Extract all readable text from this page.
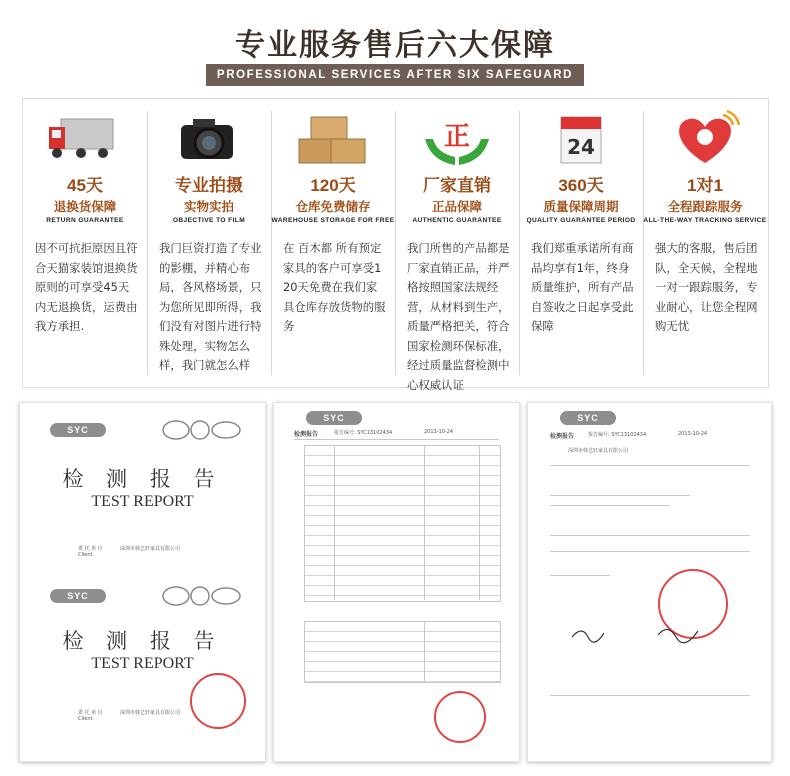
专业服务售后六大保障
PROFESSIONAL SERVICES AFTER SIX SAFEGUARD
45天
退换货保障
RETURN GUARANTEE
因不可抗拒原因且符合天猫家装馆退换货原则的可享受45天内无退换货，运费由我方承担.
专业拍摄
实物实拍
OBJECTIVE TO FILM
我门巨资打造了专业的影棚，并精心布局，各风格场景，只为您所见即所得，我们没有对图片进行特殊处理，实物怎么样，我门就怎么样
120天
仓库免费储存
WAREHOUSE STORAGE FOR FREE
在 百木都 所有预定家具的客户可享受120天免费在我们家具仓库存放货物的服务
正
厂家直销
正品保障
AUTHENTIC GUARANTEE
我门所售的产品都是厂家直销正品，并严格按照国家法规经营，从材料到生产，质量严格把关，符合国家检测环保标准，经过质量监督检测中心权威认证
24
360天
质量保障周期
QUALITY GUARANTEE PERIOD
我们郑重承诺所有商品均享有1年，终身质量维护，所有产品自签收之日起享受此保障
1对1
全程跟踪服务
ALL-THE-WAY TRACKING SERVICE
强大的客服，售后团队，全天候，全程地一对一跟踪服务，专业耐心，让您全程网购无忧
SYC
检 测 报 告
TEST REPORT
委 托 单 位
Client
深圳市韩艺轩家具有限公司
SYC
检 测 报 告
TEST REPORT
委 托 单 位
Client
深圳市韩艺轩家具有限公司
SYC
检测报告	报告编号: SYC13102434	2013-10-24
SYC
检测报告	报告编号: SYC13102434	2013-10-24
深圳市韩艺轩家具有限公司
